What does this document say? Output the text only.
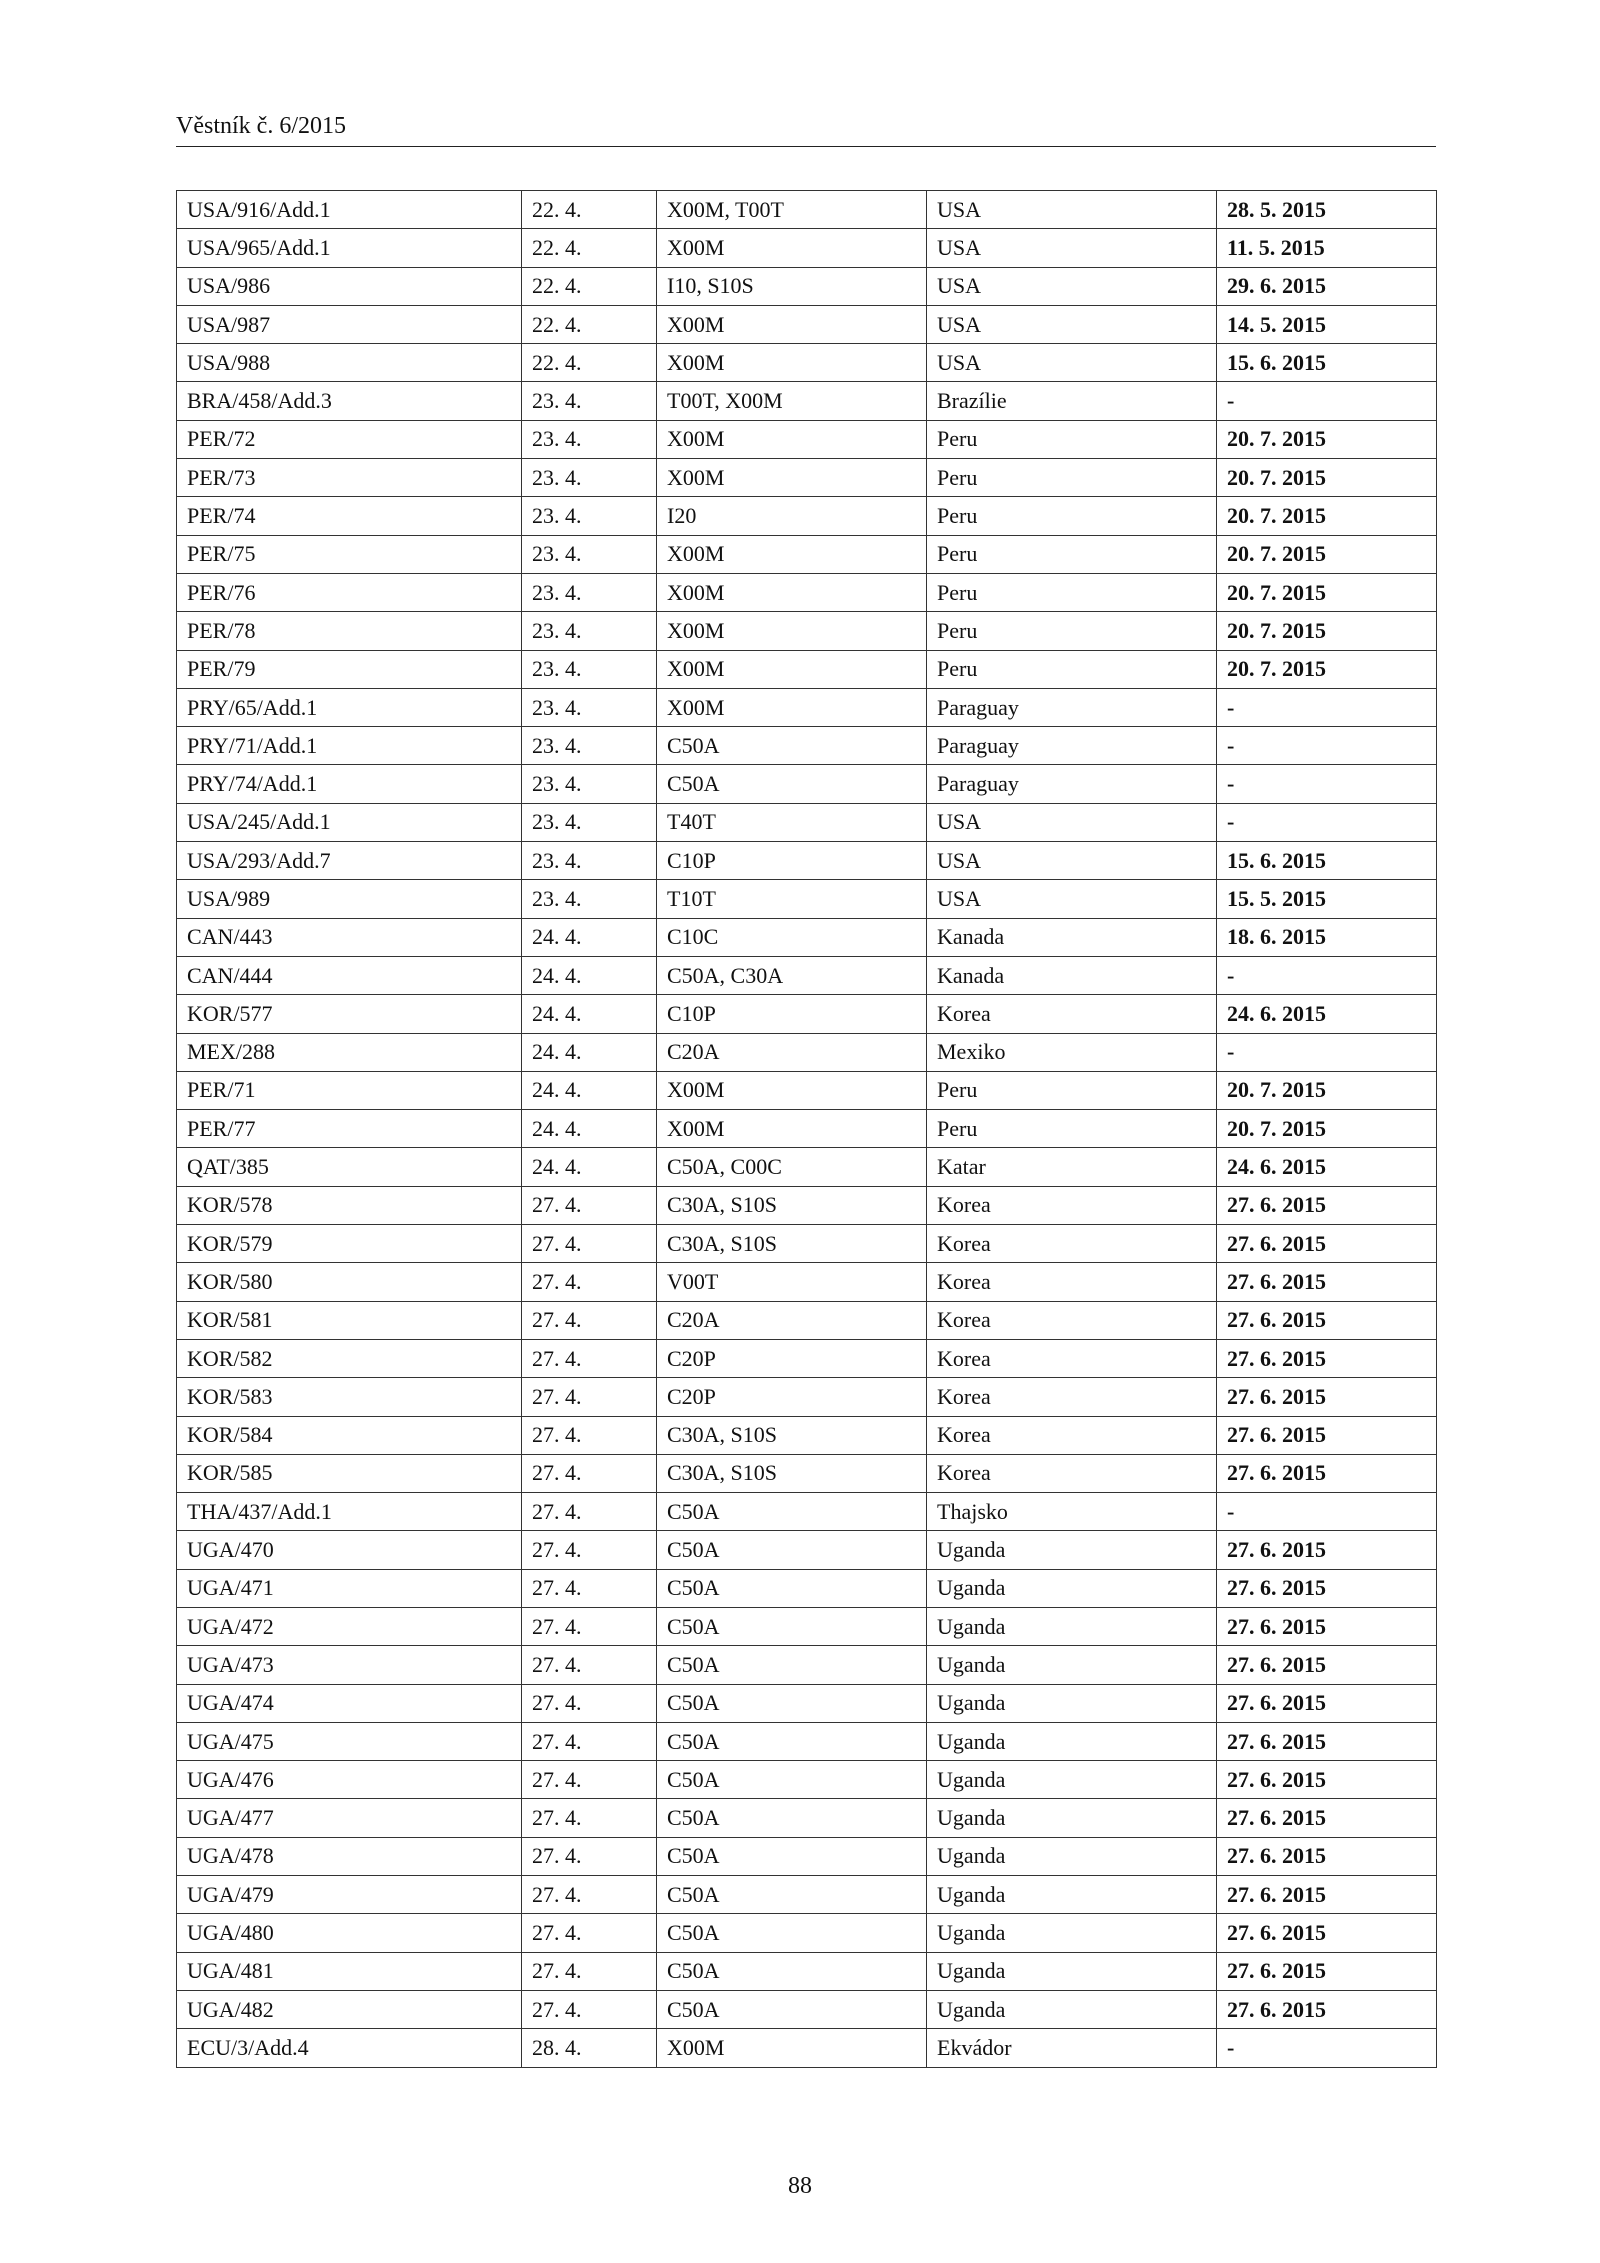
Věstník č. 6/2015
USA/916/Add.1	22. 4.	X00M, T00T	USA	28. 5. 2015
USA/965/Add.1	22. 4.	X00M	USA	11. 5. 2015
USA/986	22. 4.	I10, S10S	USA	29. 6. 2015
USA/987	22. 4.	X00M	USA	14. 5. 2015
USA/988	22. 4.	X00M	USA	15. 6. 2015
BRA/458/Add.3	23. 4.	T00T, X00M	Brazílie	-
PER/72	23. 4.	X00M	Peru	20. 7. 2015
PER/73	23. 4.	X00M	Peru	20. 7. 2015
PER/74	23. 4.	I20	Peru	20. 7. 2015
PER/75	23. 4.	X00M	Peru	20. 7. 2015
PER/76	23. 4.	X00M	Peru	20. 7. 2015
PER/78	23. 4.	X00M	Peru	20. 7. 2015
PER/79	23. 4.	X00M	Peru	20. 7. 2015
PRY/65/Add.1	23. 4.	X00M	Paraguay	-
PRY/71/Add.1	23. 4.	C50A	Paraguay	-
PRY/74/Add.1	23. 4.	C50A	Paraguay	-
USA/245/Add.1	23. 4.	T40T	USA	-
USA/293/Add.7	23. 4.	C10P	USA	15. 6. 2015
USA/989	23. 4.	T10T	USA	15. 5. 2015
CAN/443	24. 4.	C10C	Kanada	18. 6. 2015
CAN/444	24. 4.	C50A, C30A	Kanada	-
KOR/577	24. 4.	C10P	Korea	24. 6. 2015
MEX/288	24. 4.	C20A	Mexiko	-
PER/71	24. 4.	X00M	Peru	20. 7. 2015
PER/77	24. 4.	X00M	Peru	20. 7. 2015
QAT/385	24. 4.	C50A, C00C	Katar	24. 6. 2015
KOR/578	27. 4.	C30A, S10S	Korea	27. 6. 2015
KOR/579	27. 4.	C30A, S10S	Korea	27. 6. 2015
KOR/580	27. 4.	V00T	Korea	27. 6. 2015
KOR/581	27. 4.	C20A	Korea	27. 6. 2015
KOR/582	27. 4.	C20P	Korea	27. 6. 2015
KOR/583	27. 4.	C20P	Korea	27. 6. 2015
KOR/584	27. 4.	C30A, S10S	Korea	27. 6. 2015
KOR/585	27. 4.	C30A, S10S	Korea	27. 6. 2015
THA/437/Add.1	27. 4.	C50A	Thajsko	-
UGA/470	27. 4.	C50A	Uganda	27. 6. 2015
UGA/471	27. 4.	C50A	Uganda	27. 6. 2015
UGA/472	27. 4.	C50A	Uganda	27. 6. 2015
UGA/473	27. 4.	C50A	Uganda	27. 6. 2015
UGA/474	27. 4.	C50A	Uganda	27. 6. 2015
UGA/475	27. 4.	C50A	Uganda	27. 6. 2015
UGA/476	27. 4.	C50A	Uganda	27. 6. 2015
UGA/477	27. 4.	C50A	Uganda	27. 6. 2015
UGA/478	27. 4.	C50A	Uganda	27. 6. 2015
UGA/479	27. 4.	C50A	Uganda	27. 6. 2015
UGA/480	27. 4.	C50A	Uganda	27. 6. 2015
UGA/481	27. 4.	C50A	Uganda	27. 6. 2015
UGA/482	27. 4.	C50A	Uganda	27. 6. 2015
ECU/3/Add.4	28. 4.	X00M	Ekvádor	-
88
